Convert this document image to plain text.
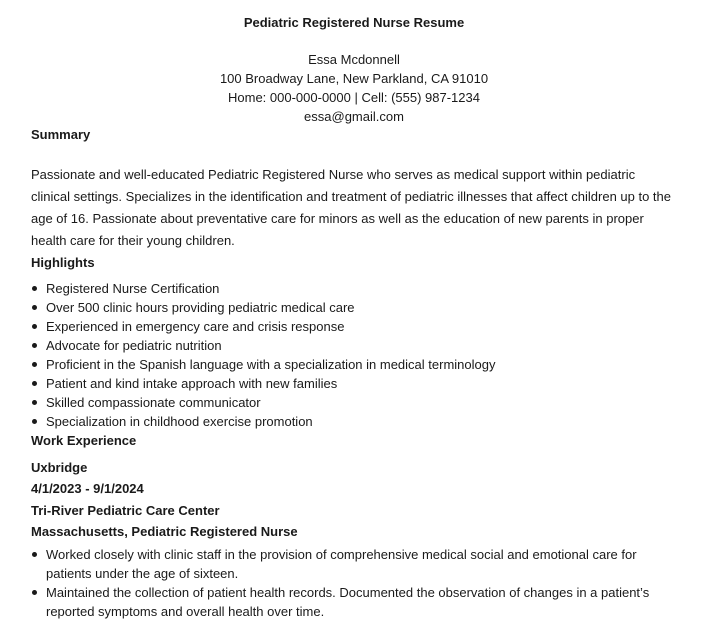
Pediatric Registered Nurse Resume
Essa Mcdonnell
100 Broadway Lane, New Parkland, CA 91010
Home: 000-000-0000 | Cell: (555) 987-1234
essa@gmail.com
Summary
Passionate and well-educated Pediatric Registered Nurse who serves as medical support within pediatric clinical settings. Specializes in the identification and treatment of pediatric illnesses that affect children up to the age of 16. Passionate about preventative care for minors as well as the education of new parents in proper health care for their young children.
Highlights
Registered Nurse Certification
Over 500 clinic hours providing pediatric medical care
Experienced in emergency care and crisis response
Advocate for pediatric nutrition
Proficient in the Spanish language with a specialization in medical terminology
Patient and kind intake approach with new families
Skilled compassionate communicator
Specialization in childhood exercise promotion
Work Experience
Uxbridge
4/1/2023 - 9/1/2024
Tri-River Pediatric Care Center
Massachusetts, Pediatric Registered Nurse
Worked closely with clinic staff in the provision of comprehensive medical social and emotional care for patients under the age of sixteen.
Maintained the collection of patient health records. Documented the observation of changes in a patient’s reported symptoms and overall health over time.
